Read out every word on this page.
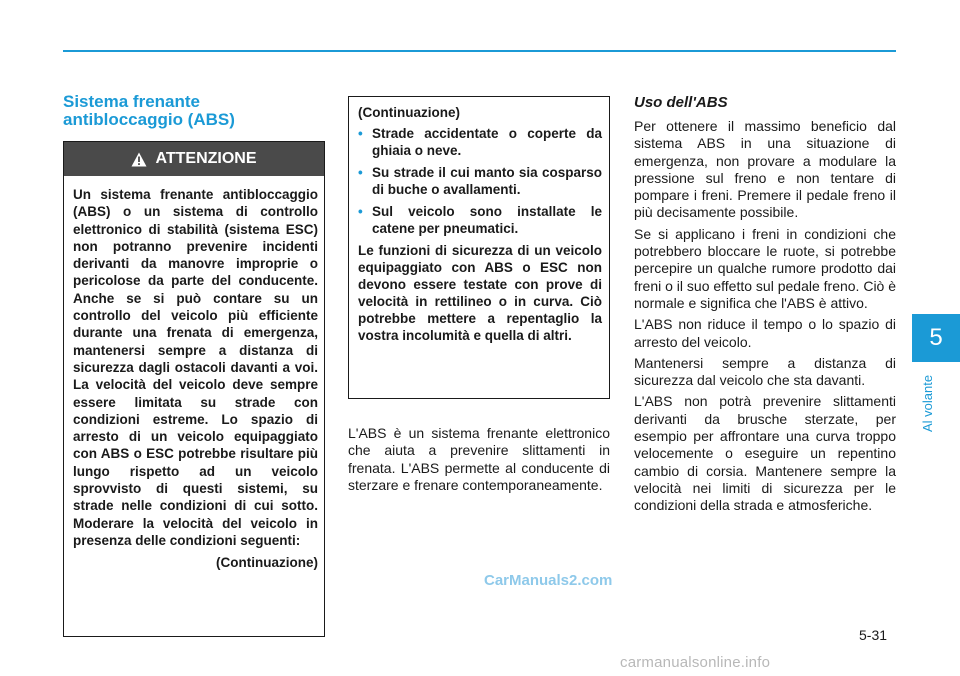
Sistema frenante antibloccaggio (ABS)
ATTENZIONE

Un sistema frenante antibloccaggio (ABS) o un sistema di controllo elettronico di stabilità (sistema ESC) non potranno prevenire incidenti derivanti da manovre improprie o pericolose da parte del conducente. Anche se si può contare su un controllo del veicolo più efficiente durante una frenata di emergenza, mantenersi sempre a distanza di sicurezza dagli ostacoli davanti a voi. La velocità del veicolo deve sempre essere limitata su strade con condizioni estreme. Lo spazio di arresto di un veicolo equipaggiato con ABS o ESC potrebbe risultare più lungo rispetto ad un veicolo sprovvisto di questi sistemi, su strade nelle condizioni di cui sotto. Moderare la velocità del veicolo in presenza delle condizioni seguenti:

(Continuazione)

(Continuazione)

• Strade accidentate o coperte da ghiaia o neve.
• Su strade il cui manto sia cosparso di buche o avallamenti.
• Sul veicolo sono installate le catene per pneumatici.

Le funzioni di sicurezza di un veicolo equipaggiato con ABS o ESC non devono essere testate con prove di velocità in rettilineo o in curva. Ciò potrebbe mettere a repentaglio la vostra incolumità e quella di altri.

L'ABS è un sistema frenante elettronico che aiuta a prevenire slittamenti in frenata. L'ABS permette al conducente di sterzare e frenare contemporaneamente.

Uso dell'ABS

Per ottenere il massimo beneficio dal sistema ABS in una situazione di emergenza, non provare a modulare la pressione sul freno e non tentare di pompare i freni. Premere il pedale freno il più decisamente possibile.

Se si applicano i freni in condizioni che potrebbero bloccare le ruote, si potrebbe percepire un qualche rumore prodotto dai freni o il suo effetto sul pedale freno. Ciò è normale e significa che l'ABS è attivo.

L'ABS non riduce il tempo o lo spazio di arresto del veicolo.

Mantenersi sempre a distanza di sicurezza dal veicolo che sta davanti.

L'ABS non potrà prevenire slittamenti derivanti da brusche sterzate, per esempio per affrontare una curva troppo velocemente o eseguire un repentino cambio di corsia. Mantenere sempre la velocità nei limiti di sicurezza per le condizioni della strada e atmosferiche.

5
Al volante
CarManuals2.com
5-31
carmanualsonline.info
